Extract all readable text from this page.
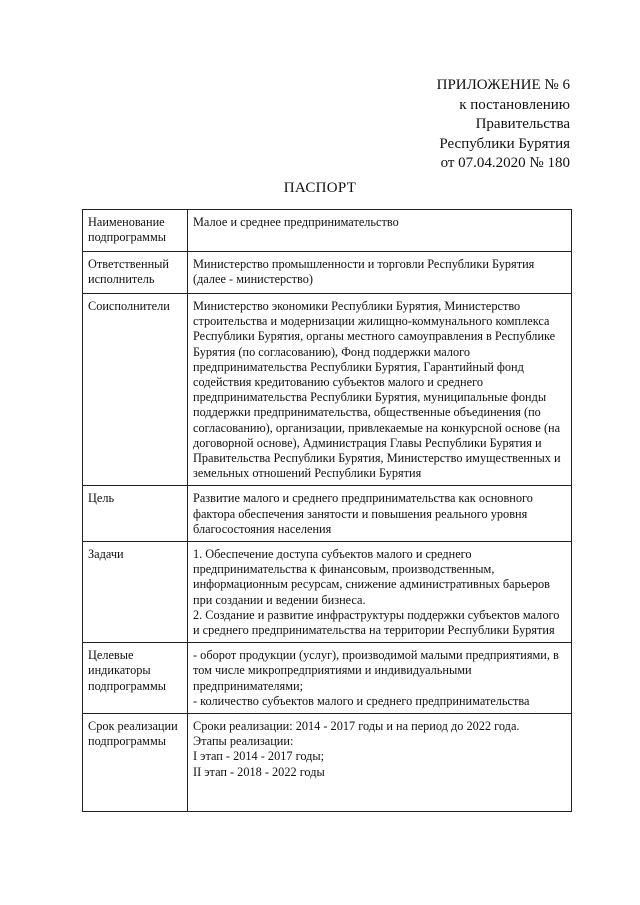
ПРИЛОЖЕНИЕ № 6
к постановлению
Правительства
Республики Бурятия
от 07.04.2020 № 180
ПАСПОРТ
Наименование подпрограммы	Малое и среднее предпринимательство

Ответственный исполнитель	Министерство промышленности и торговли Республики Бурятия (далее - министерство)

Соисполнители	Министерство экономики Республики Бурятия, Министерство строительства и модернизации жилищно-коммунального комплекса Республики Бурятия, органы местного самоуправления в Республике Бурятия (по согласованию), Фонд поддержки малого предпринимательства Республики Бурятия, Гарантийный фонд содействия кредитованию субъектов малого и среднего предпринимательства Республики Бурятия, муниципальные фонды поддержки предпринимательства, общественные объединения (по согласованию), организации, привлекаемые на конкурсной основе (на договорной основе), Администрация Главы Республики Бурятия и Правительства Республики Бурятия, Министерство имущественных и земельных отношений Республики Бурятия

Цель	Развитие малого и среднего предпринимательства как основного фактора обеспечения занятости и повышения реального уровня благосостояния населения

Задачи	1. Обеспечение доступа субъектов малого и среднего предпринимательства к финансовым, производственным, информационным ресурсам, снижение административных барьеров при создании и ведении бизнеса.

2. Создание и развитие инфраструктуры поддержки субъектов малого и среднего предпринимательства на территории Республики Бурятия

Целевые индикаторы подпрограммы	- оборот продукции (услуг), производимой малыми предприятиями, в том числе микропредприятиями и индивидуальными предпринимателями;

- количество субъектов малого и среднего предпринимательства

Срок реализации подпрограммы	Сроки реализации: 2014 - 2017 годы и на период до 2022 года.

Этапы реализации:

I этап - 2014 - 2017 годы;

II этап - 2018 - 2022 годы
